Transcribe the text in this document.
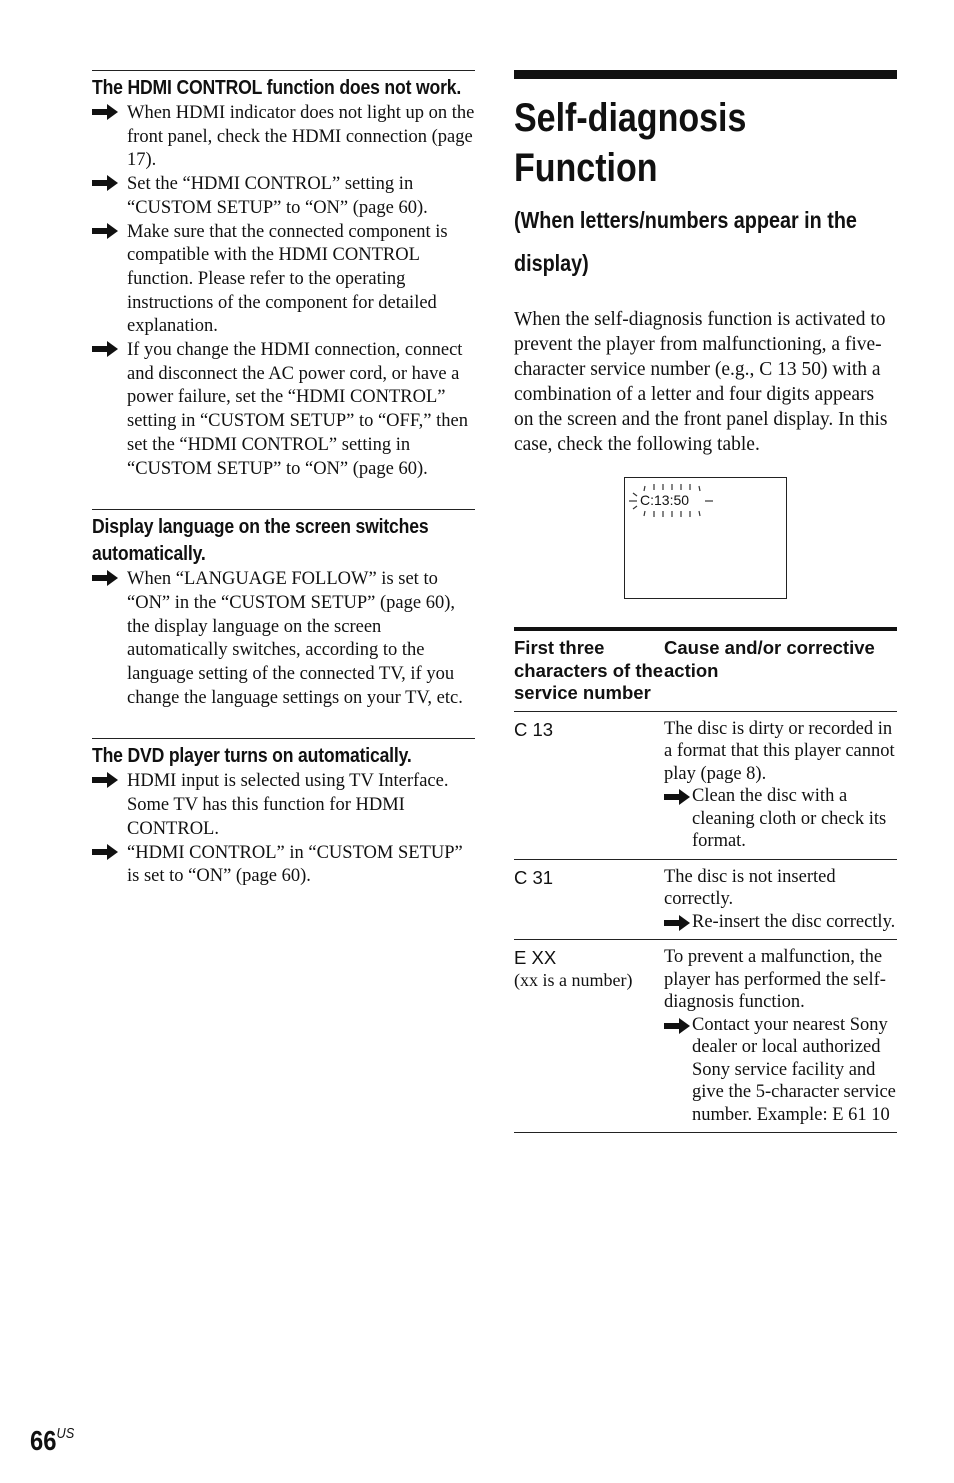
The HDMI CONTROL function does not work.
When HDMI indicator does not light up on the front panel, check the HDMI connection (page 17).
Set the “HDMI CONTROL” setting in “CUSTOM SETUP” to “ON” (page 60).
Make sure that the connected component is compatible with the HDMI CONTROL function. Please refer to the operating instructions of the component for detailed explanation.
If you change the HDMI connection, connect and disconnect the AC power cord, or have a power failure, set the “HDMI CONTROL” setting in “CUSTOM SETUP” to “OFF,” then set the “HDMI CONTROL” setting in “CUSTOM SETUP” to “ON” (page 60).
Display language on the screen switches automatically.
When “LANGUAGE FOLLOW” is set to “ON” in the “CUSTOM SETUP” (page 60), the display language on the screen automatically switches, according to the language setting of the connected TV, if you change the language settings on your TV, etc.
The DVD player turns on automatically.
HDMI input is selected using TV Interface. Some TV has this function for HDMI CONTROL.
“HDMI CONTROL” in “CUSTOM SETUP” is set to “ON” (page 60).
Self-diagnosis Function
(When letters/numbers appear in the display)
When the self-diagnosis function is activated to prevent the player from malfunctioning, a five-character service number (e.g., C 13 50) with a combination of a letter and four digits appears on the screen and the front panel display. In this case, check the following table.
C:13:50
First three characters of the service number
Cause and/or corrective action
C 13	The disc is dirty or recorded in a format that this player cannot play (page 8).
Clean the disc with a cleaning cloth or check its format.
C 31	The disc is not inserted correctly.
Re-insert the disc correctly.
E XX
(xx is a number)
To prevent a malfunction, the player has performed the self-diagnosis function.
Contact your nearest Sony dealer or local authorized Sony service facility and give the 5-character service number. Example: E 61 10
$66^{US}$
